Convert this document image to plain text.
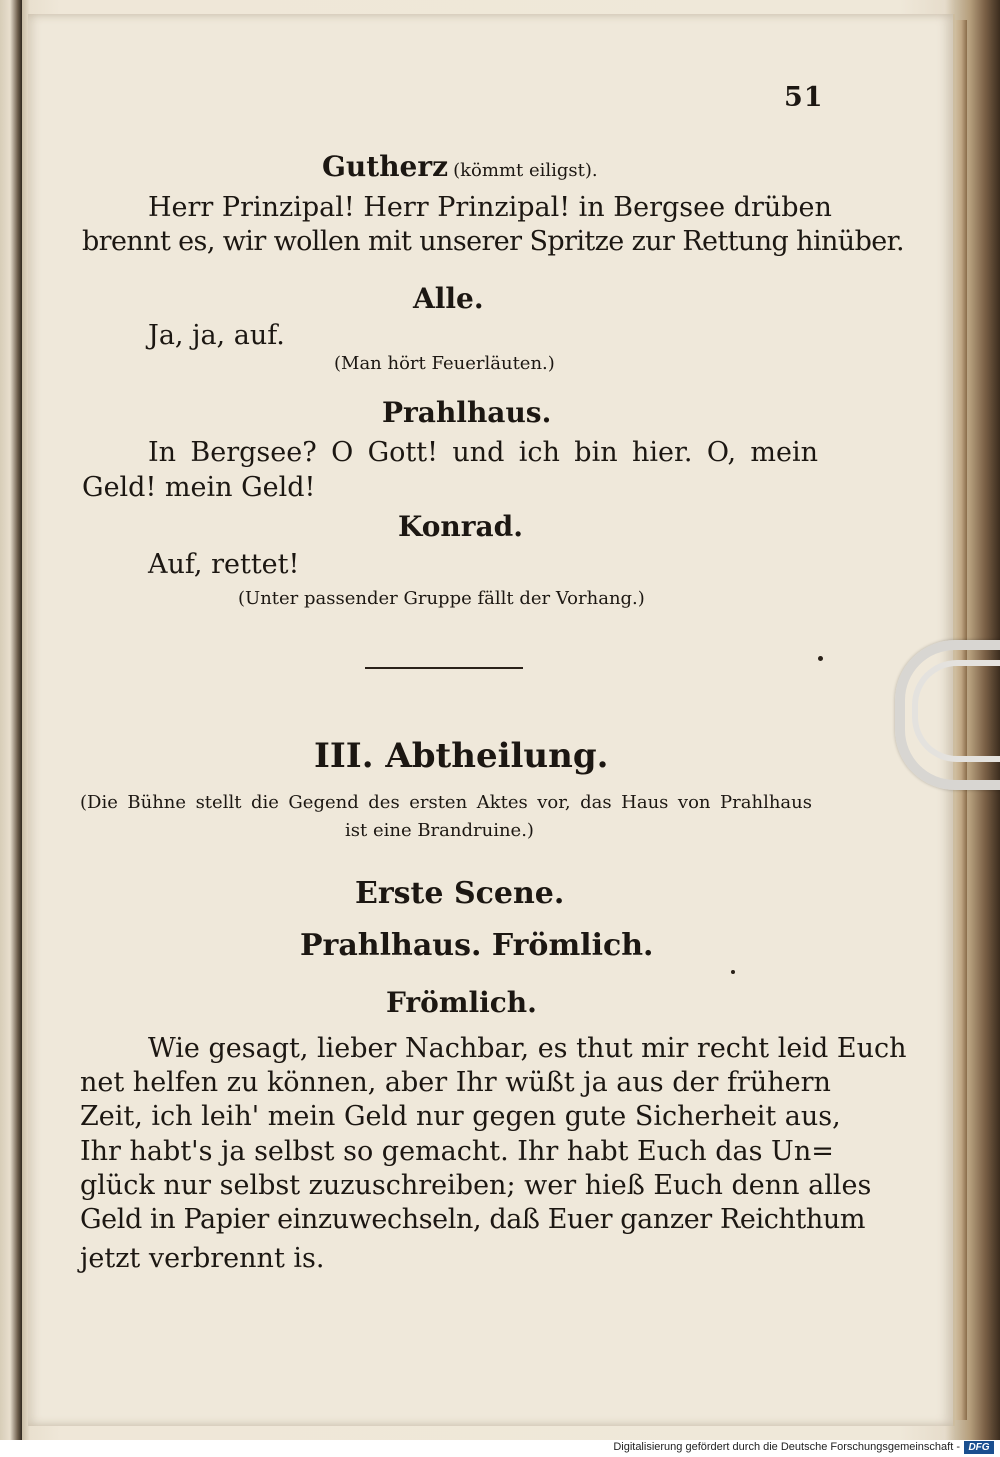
51
Gutherz (kömmt eiligst).
Herr Prinzipal! Herr Prinzipal! in Bergsee drüben
brennt es, wir wollen mit unserer Spritze zur Rettung hinüber.
Alle.
Ja, ja, auf.
(Man hört Feuerläuten.)
Prahlhaus.
In Bergsee? O Gott! und ich bin hier. O, mein
Geld! mein Geld!
Konrad.
Auf, rettet!
(Unter passender Gruppe fällt der Vorhang.)
III. Abtheilung.
(Die Bühne stellt die Gegend des ersten Aktes vor, das Haus von Prahlhaus
ist eine Brandruine.)
Erste Scene.
Prahlhaus. Frömlich.
Frömlich.
Wie gesagt, lieber Nachbar, es thut mir recht leid Euch
net helfen zu können, aber Ihr wüßt ja aus der frühern
Zeit, ich leih' mein Geld nur gegen gute Sicherheit aus,
Ihr habt's ja selbst so gemacht. Ihr habt Euch das Un=
glück nur selbst zuzuschreiben; wer hieß Euch denn alles
Geld in Papier einzuwechseln, daß Euer ganzer Reichthum
jetzt verbrennt is.
Digitalisierung gefördert durch die Deutsche Forschungsgemeinschaft - DFG
